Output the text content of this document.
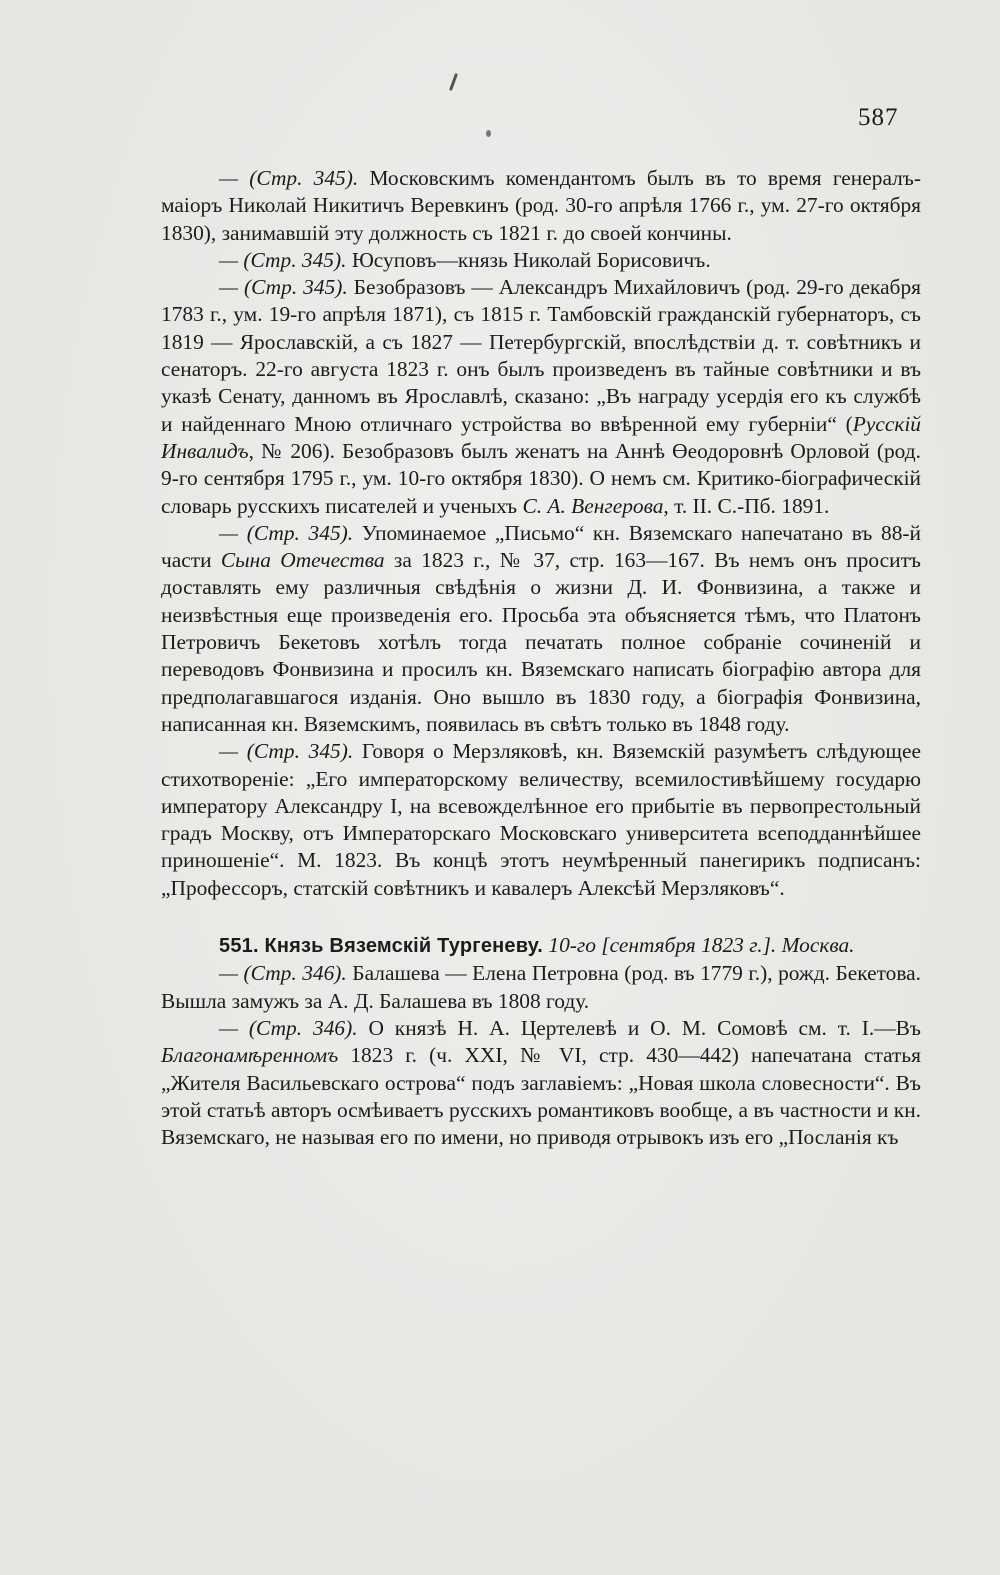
587

— (Стр. 345). Московскимъ комендантомъ былъ въ то время генералъ-маіоръ Николай Никитичъ Веревкинъ (род. 30-го апрѣля 1766 г., ум. 27-го октября 1830), занимавшій эту должность съ 1821 г. до своей кончины.

— (Стр. 345). Юсуповъ—князь Николай Борисовичъ.

— (Стр. 345). Безобразовъ — Александръ Михайловичъ (род. 29-го декабря 1783 г., ум. 19-го апрѣля 1871), съ 1815 г. Тамбовскій гражданскій губернаторъ, съ 1819 — Ярославскій, а съ 1827 — Петербургскій, впослѣдствіи д. т. совѣтникъ и сенаторъ. 22-го августа 1823 г. онъ былъ произведенъ въ тайные совѣтники и въ указѣ Сенату, данномъ въ Ярославлѣ, сказано: „Въ награду усердія его къ службѣ и найденнаго Мною отличнаго устройства во ввѣренной ему губерніи“ (Русскій Инвалидъ, № 206). Безобразовъ былъ женатъ на Аннѣ Өеодоровнѣ Орловой (род. 9-го сентября 1795 г., ум. 10-го октября 1830). О немъ см. Критико-біографическій словарь русскихъ писателей и ученыхъ С. А. Венгерова, т. II. С.-Пб. 1891.

— (Стр. 345). Упоминаемое „Письмо“ кн. Вяземскаго напечатано въ 88-й части Сына Отечества за 1823 г., № 37, стр. 163—167. Въ немъ онъ проситъ доставлять ему различныя свѣдѣнія о жизни Д. И. Фонвизина, а также и неизвѣстныя еще произведенія его. Просьба эта объясняется тѣмъ, что Платонъ Петровичъ Бекетовъ хотѣлъ тогда печатать полное собраніе сочиненій и переводовъ Фонвизина и просилъ кн. Вяземскаго написать біографію автора для предполагавшагося изданія. Оно вышло въ 1830 году, а біографія Фонвизина, написанная кн. Вяземскимъ, появилась въ свѣтъ только въ 1848 году.

— (Стр. 345). Говоря о Мерзляковѣ, кн. Вяземскій разумѣетъ слѣдующее стихотвореніе: „Его императорскому величеству, всемилостивѣйшему государю императору Александру I, на всевожделѣнное его прибытіе въ первопрестольный градъ Москву, отъ Императорскаго Московскаго университета всеподданнѣйшее приношеніе“. М. 1823. Въ концѣ этотъ неумѣренный панегирикъ подписанъ: „Профессоръ, статскій совѣтникъ и кавалеръ Алексѣй Мерзляковъ“.

551. Князь Вяземскій Тургеневу. 10-го [сентября 1823 г.]. Москва.

— (Стр. 346). Балашева — Елена Петровна (род. въ 1779 г.), рожд. Бекетова. Вышла замужъ за А. Д. Балашева въ 1808 году.

— (Стр. 346). О князѣ Н. А. Цертелевѣ и О. М. Сомовѣ см. т. I.—Въ Благонамѣренномъ 1823 г. (ч. XXI, № VI, стр. 430—442) напечатана статья „Жителя Васильевскаго острова“ подъ заглавіемъ: „Новая школа словесности“. Въ этой статьѣ авторъ осмѣиваетъ русскихъ романтиковъ вообще, а въ частности и кн. Вяземскаго, не называя его по имени, но приводя отрывокъ изъ его „Посланія къ
